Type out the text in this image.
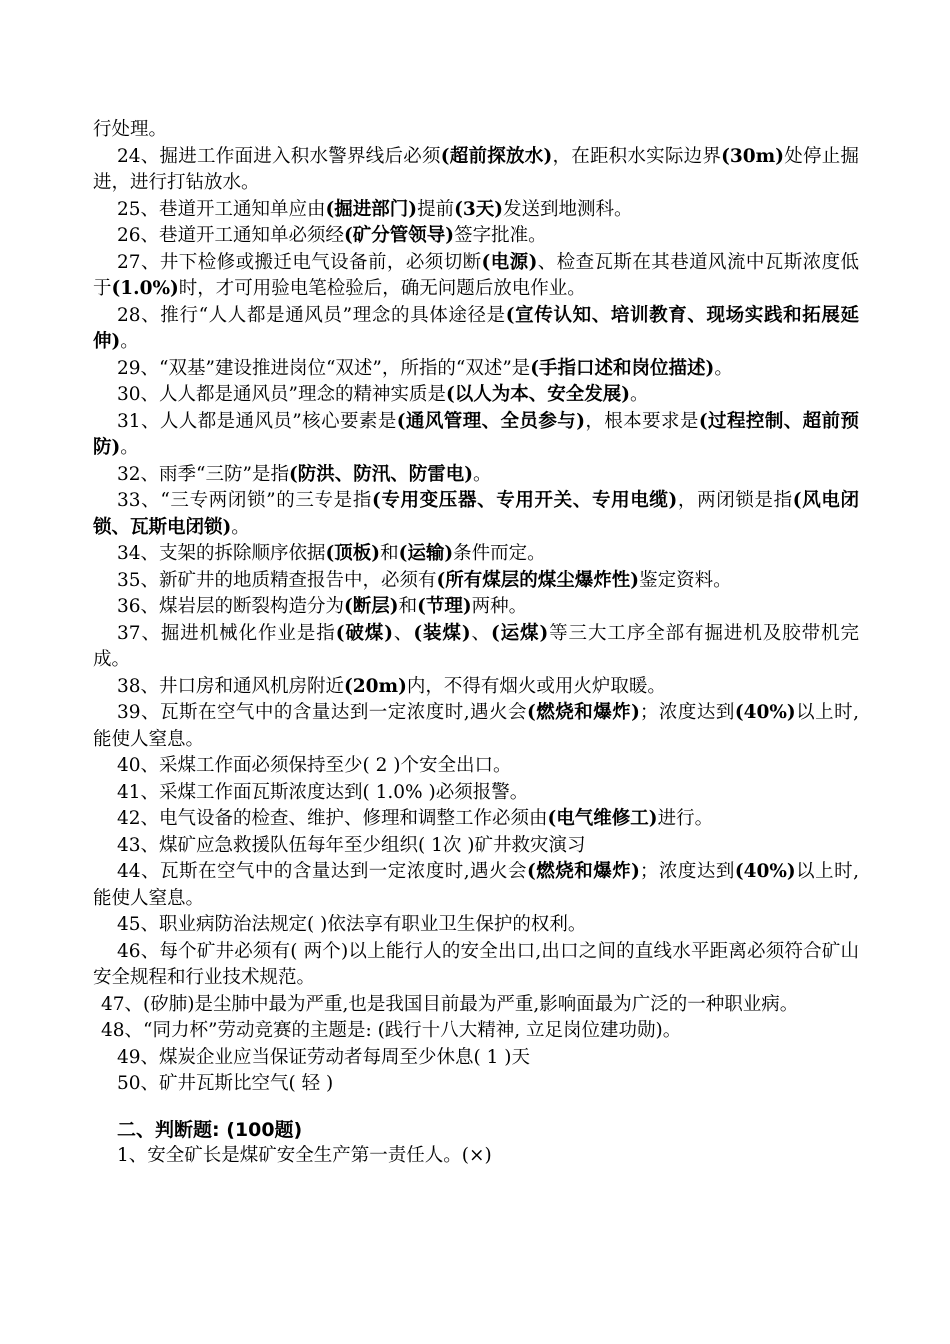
行处理。

24、掘进工作面进入积水警界线后必须(超前探放水)，在距积水实际边界(30m)处停止掘进，进行打钻放水。

25、巷道开工通知单应由(掘进部门)提前(3天)发送到地测科。

26、巷道开工通知单必须经(矿分管领导)签字批准。

27、井下检修或搬迁电气设备前，必须切断(电源)、检查瓦斯在其巷道风流中瓦斯浓度低于(1.0%)时，才可用验电笔检验后，确无问题后放电作业。

28、推行“人人都是通风员”理念的具体途径是(宣传认知、培训教育、现场实践和拓展延伸)。

29、“双基”建设推进岗位“双述”，所指的“双述”是(手指口述和岗位描述)。

30、人人都是通风员”理念的精神实质是(以人为本、安全发展)。

31、人人都是通风员”核心要素是(通风管理、全员参与)，根本要求是(过程控制、超前预防)。

32、雨季“三防”是指(防洪、防汛、防雷电)。

33、“三专两闭锁”的三专是指(专用变压器、专用开关、专用电缆)，两闭锁是指(风电闭锁、瓦斯电闭锁)。

34、支架的拆除顺序依据(顶板)和(运输)条件而定。

35、新矿井的地质精查报告中，必须有(所有煤层的煤尘爆炸性)鉴定资料。

36、煤岩层的断裂构造分为(断层)和(节理)两种。

37、掘进机械化作业是指(破煤)、(装煤)、(运煤)等三大工序全部有掘进机及胶带机完成。

38、井口房和通风机房附近(20m)内，不得有烟火或用火炉取暖。

39、瓦斯在空气中的含量达到一定浓度时,遇火会(燃烧和爆炸)；浓度达到(40%)以上时,能使人窒息。

40、采煤工作面必须保持至少( 2 )个安全出口。

41、采煤工作面瓦斯浓度达到( 1.0% )必须报警。

42、电气设备的检查、维护、修理和调整工作必须由(电气维修工)进行。

43、煤矿应急救援队伍每年至少组织( 1次 )矿井救灾演习

44、瓦斯在空气中的含量达到一定浓度时,遇火会(燃烧和爆炸)；浓度达到(40%)以上时,能使人窒息。

45、职业病防治法规定( )依法享有职业卫生保护的权利。

46、每个矿井必须有( 两个)以上能行人的安全出口,出口之间的直线水平距离必须符合矿山安全规程和行业技术规范。

47、(矽肺)是尘肺中最为严重,也是我国目前最为严重,影响面最为广泛的一种职业病。

48、“同力杯”劳动竞赛的主题是: (践行十八大精神, 立足岗位建功勋)。

49、煤炭企业应当保证劳动者每周至少休息( 1 )天

50、矿井瓦斯比空气( 轻 )

二、判断题: (100题)

1、安全矿长是煤矿安全生产第一责任人。(×)
